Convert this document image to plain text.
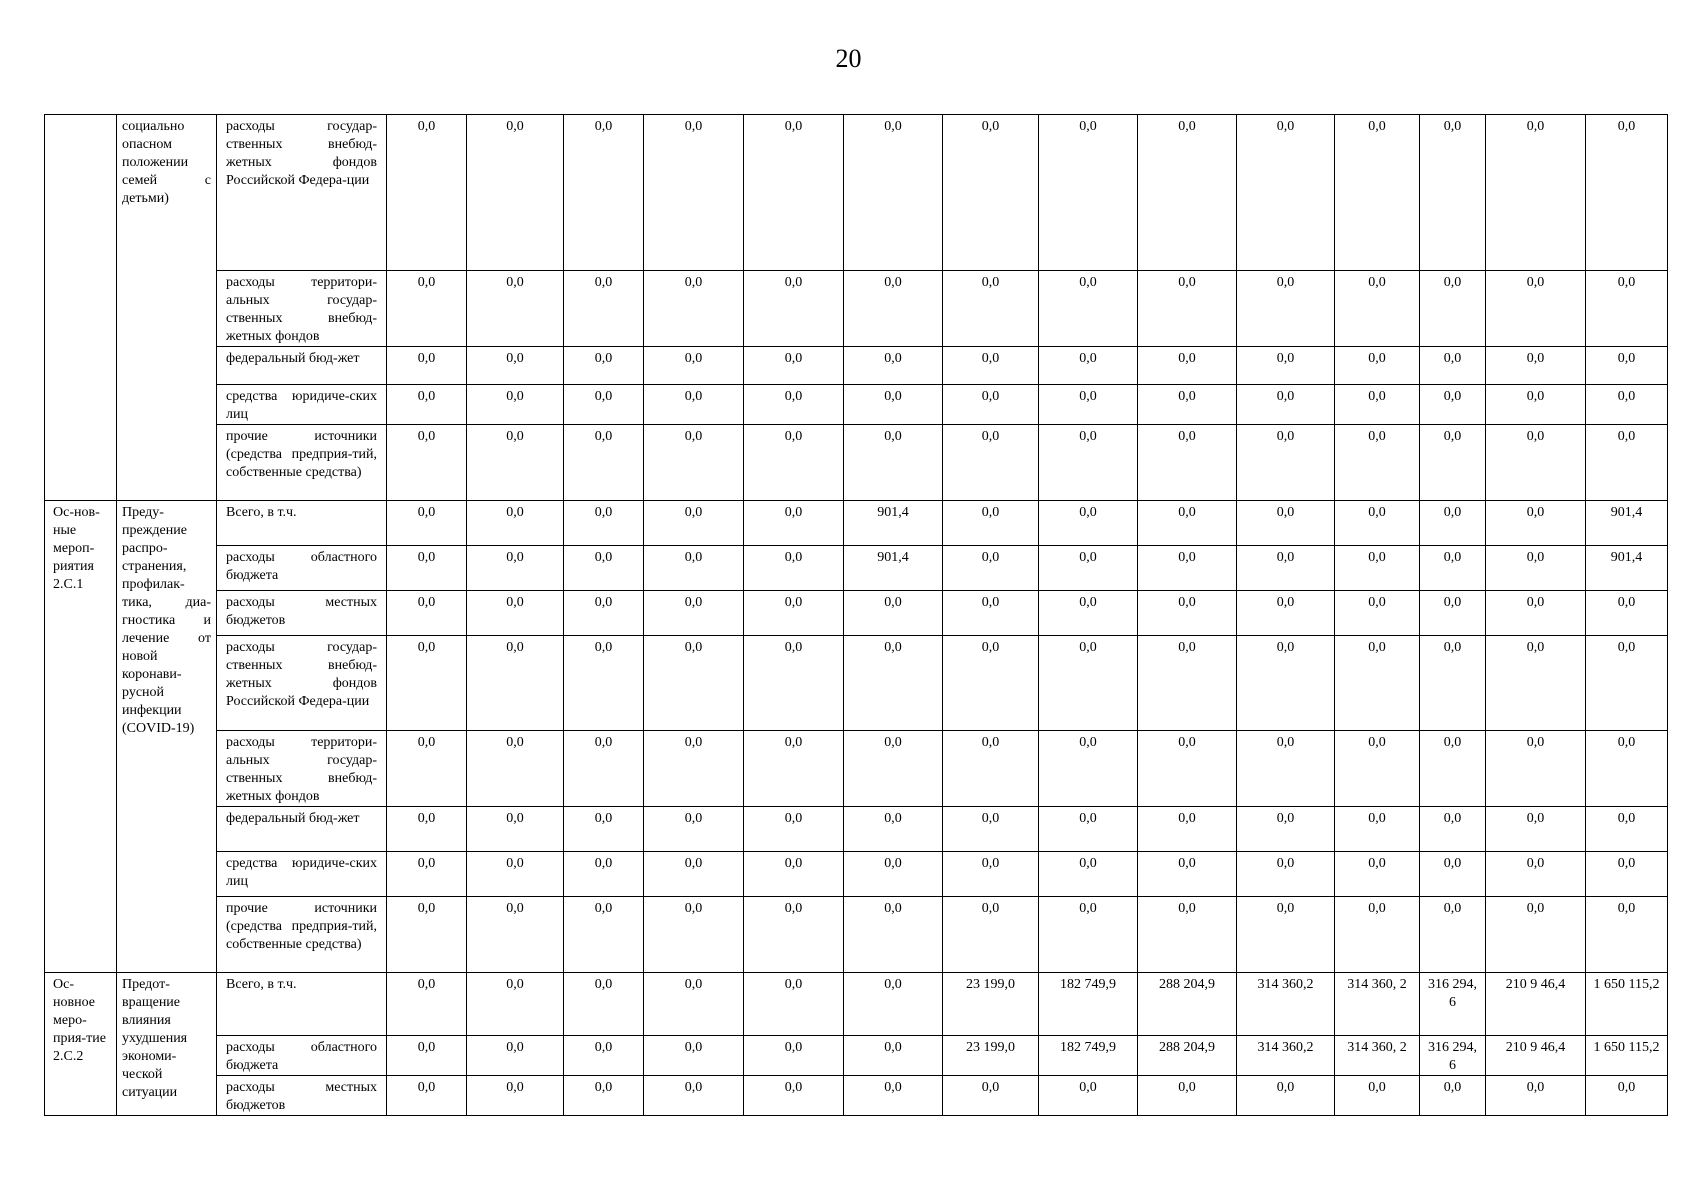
20
	социально опасном положении семей с детьми)	расходы государ-ственных внебюд-жетных фондов Российской Федера-ции	0,0	0,0	0,0	0,0	0,0	0,0	0,0	0,0	0,0	0,0	0,0	0,0	0,0	0,0
		расходы территори-альных государ-ственных внебюд-жетных фондов	0,0	0,0	0,0	0,0	0,0	0,0	0,0	0,0	0,0	0,0	0,0	0,0	0,0	0,0
		федеральный бюд-жет	0,0	0,0	0,0	0,0	0,0	0,0	0,0	0,0	0,0	0,0	0,0	0,0	0,0	0,0
		средства юридиче-ских лиц	0,0	0,0	0,0	0,0	0,0	0,0	0,0	0,0	0,0	0,0	0,0	0,0	0,0	0,0
		прочие источники (средства предприя-тий, собственные средства)	0,0	0,0	0,0	0,0	0,0	0,0	0,0	0,0	0,0	0,0	0,0	0,0	0,0	0,0
Ос-нов-ные мероп-риятия 2.С.1	Преду-преждение распро-странения, профилак-тика, диа-гностика и лечение от новой коронави-русной инфекции (COVID-19)	Всего, в т.ч.	0,0	0,0	0,0	0,0	0,0	901,4	0,0	0,0	0,0	0,0	0,0	0,0	0,0	901,4
		расходы областного бюджета	0,0	0,0	0,0	0,0	0,0	901,4	0,0	0,0	0,0	0,0	0,0	0,0	0,0	901,4
		расходы местных бюджетов	0,0	0,0	0,0	0,0	0,0	0,0	0,0	0,0	0,0	0,0	0,0	0,0	0,0	0,0
		расходы государ-ственных внебюд-жетных фондов Российской Федера-ции	0,0	0,0	0,0	0,0	0,0	0,0	0,0	0,0	0,0	0,0	0,0	0,0	0,0	0,0
		расходы территори-альных государ-ственных внебюд-жетных фондов	0,0	0,0	0,0	0,0	0,0	0,0	0,0	0,0	0,0	0,0	0,0	0,0	0,0	0,0
		федеральный бюд-жет	0,0	0,0	0,0	0,0	0,0	0,0	0,0	0,0	0,0	0,0	0,0	0,0	0,0	0,0
		средства юридиче-ских лиц	0,0	0,0	0,0	0,0	0,0	0,0	0,0	0,0	0,0	0,0	0,0	0,0	0,0	0,0
		прочие источники (средства предприя-тий, собственные средства)	0,0	0,0	0,0	0,0	0,0	0,0	0,0	0,0	0,0	0,0	0,0	0,0	0,0	0,0
Ос-новное меро-прия-тие 2.С.2	Предот-вращение влияния ухудшения экономи-ческой ситуации	Всего, в т.ч.	0,0	0,0	0,0	0,0	0,0	0,0	23 199,0	182 749,9	288 204,9	314 360,2	314 360, 2	316 294, 6	210 9 46,4	1 650 115,2
		расходы областного бюджета	0,0	0,0	0,0	0,0	0,0	0,0	23 199,0	182 749,9	288 204,9	314 360,2	314 360, 2	316 294, 6	210 9 46,4	1 650 115,2
		расходы местных бюджетов	0,0	0,0	0,0	0,0	0,0	0,0	0,0	0,0	0,0	0,0	0,0	0,0	0,0	0,0
